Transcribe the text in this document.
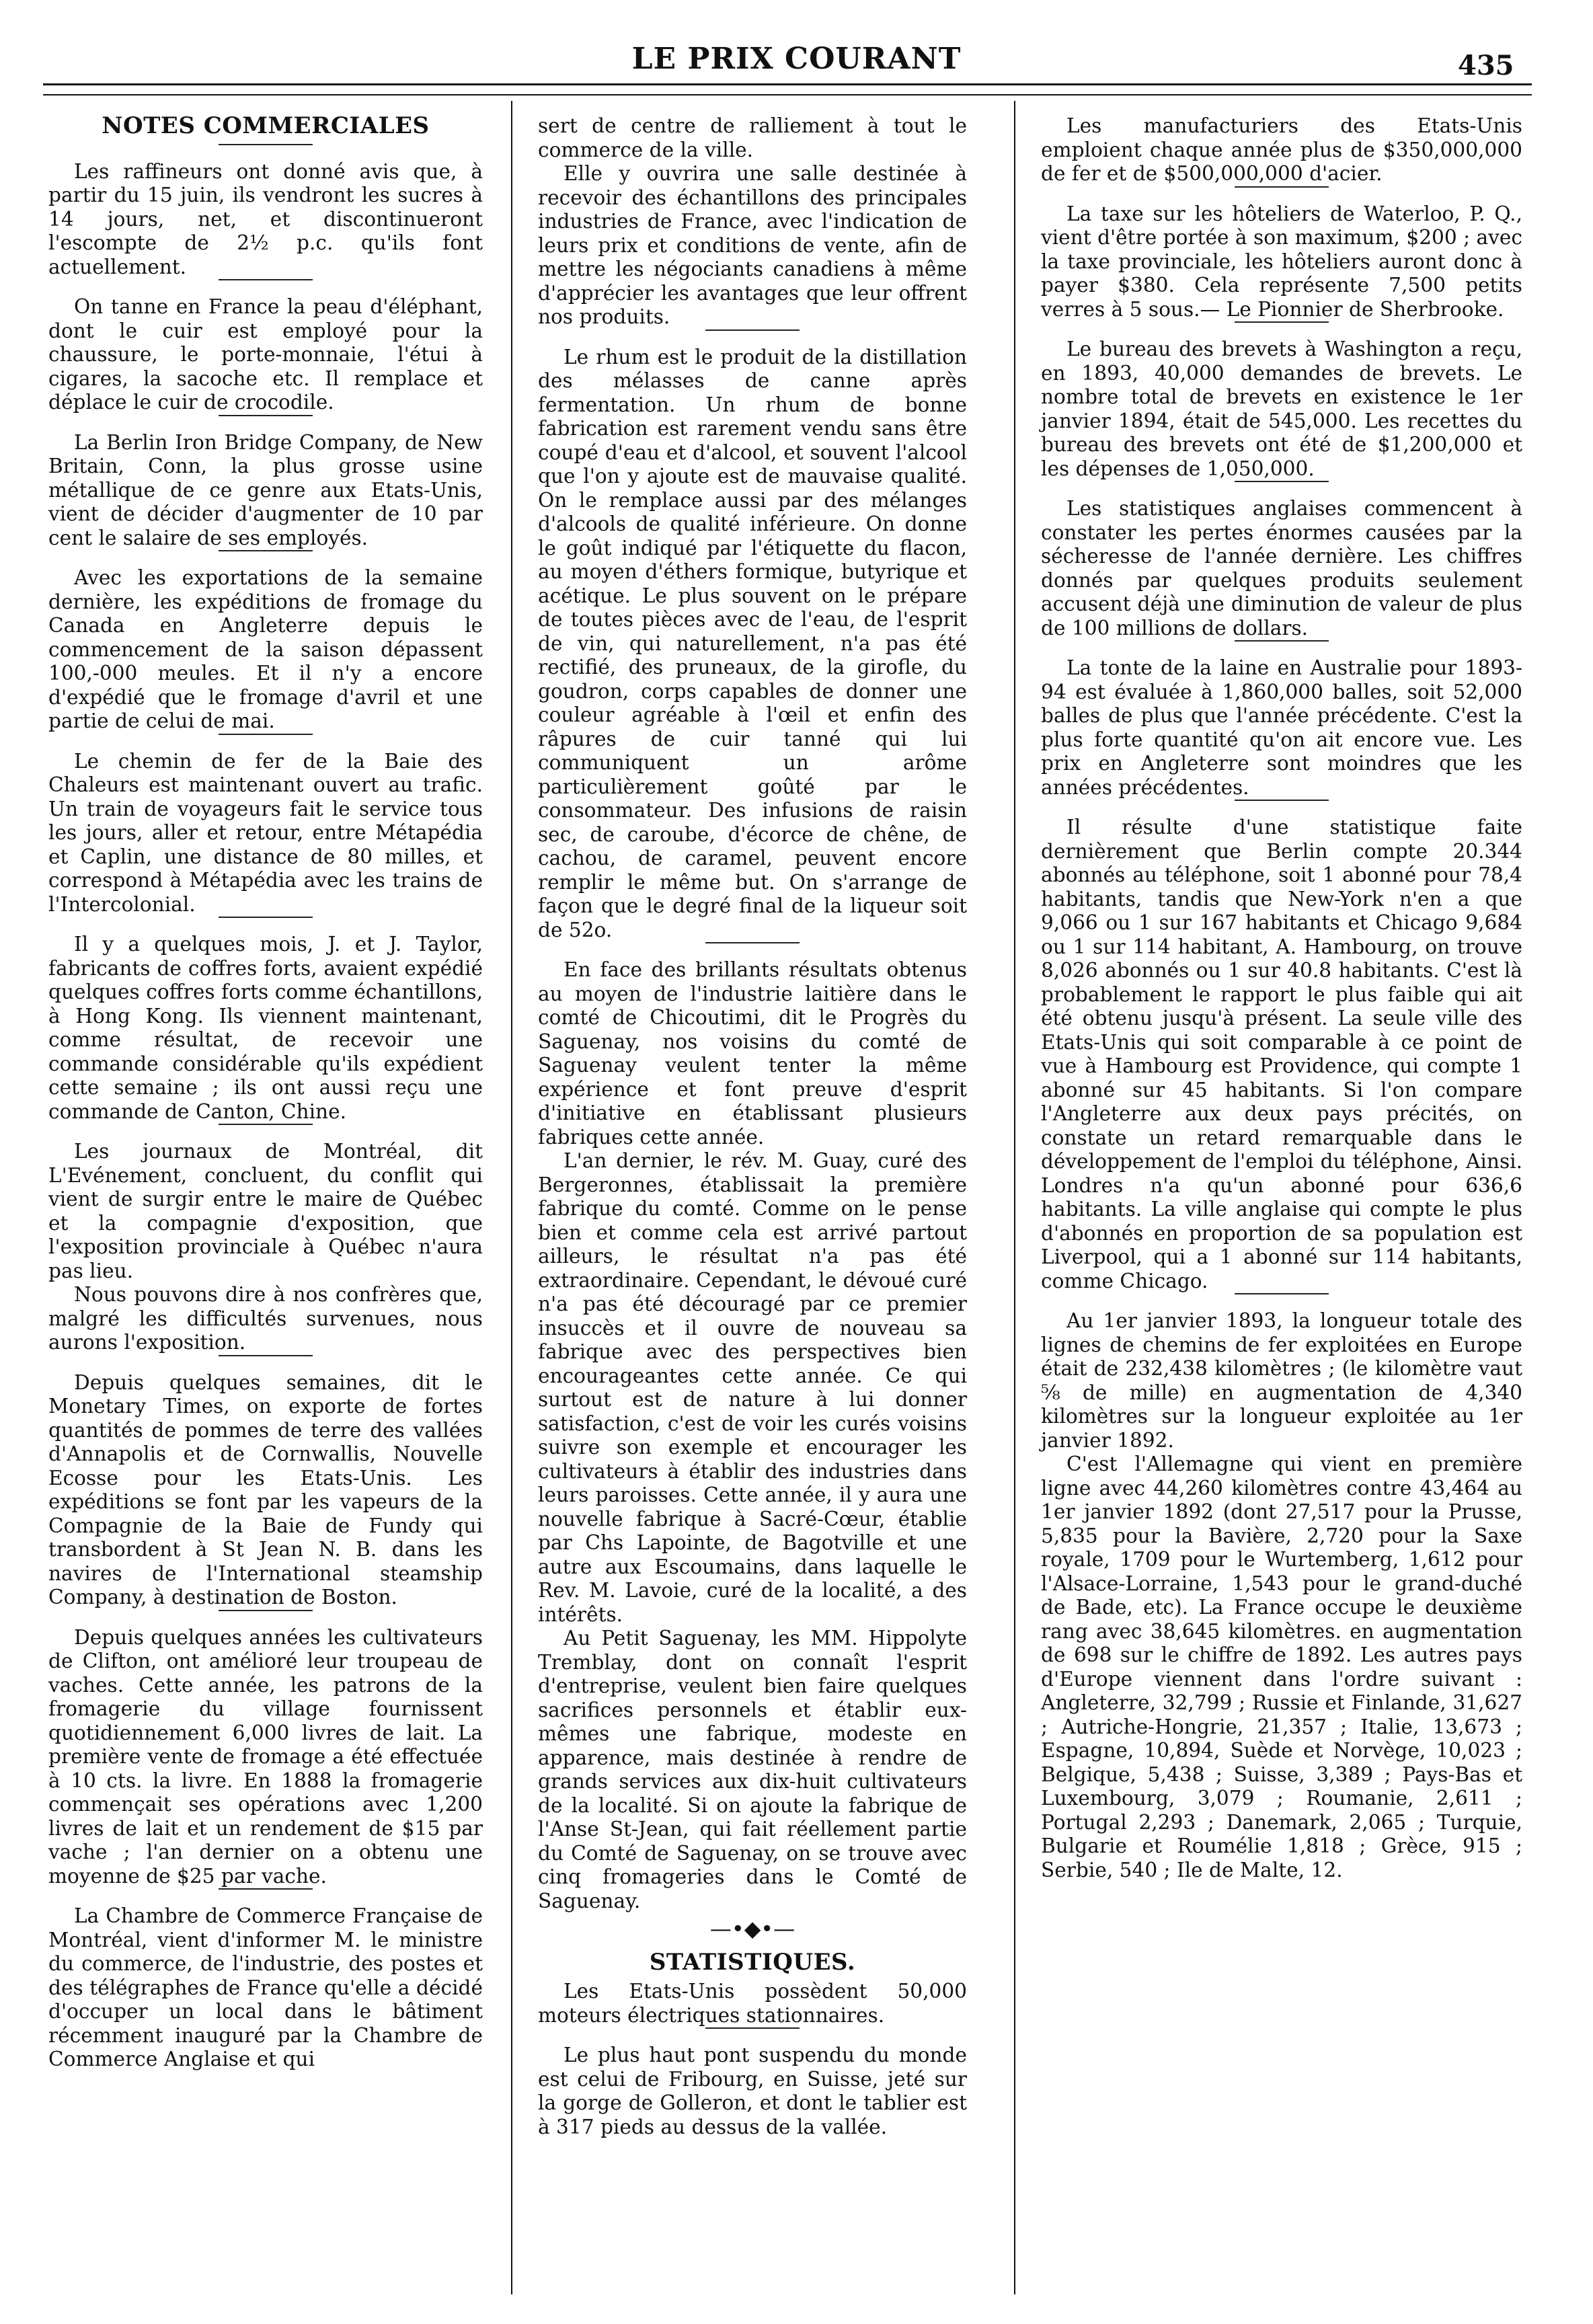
LE PRIX COURANT	435
NOTES COMMERCIALES

Les raffineurs ont donné avis que, à partir du 15 juin, ils vendront les sucres à 14 jours, net, et discontinueront l'escompte de 2½ p.c. qu'ils font actuellement.

On tanne en France la peau d'éléphant, dont le cuir est employé pour la chaussure, le porte-monnaie, l'étui à cigares, la sacoche etc. Il remplace et déplace le cuir de crocodile.

La Berlin Iron Bridge Company, de New Britain, Conn, la plus grosse usine métallique de ce genre aux Etats-Unis, vient de décider d'augmenter de 10 par cent le salaire de ses employés.

Avec les exportations de la semaine dernière, les expéditions de fromage du Canada en Angleterre depuis le commencement de la saison dépassent 100,-000 meules. Et il n'y a encore d'expédié que le fromage d'avril et une partie de celui de mai.

Le chemin de fer de la Baie des Chaleurs est maintenant ouvert au trafic. Un train de voyageurs fait le service tous les jours, aller et retour, entre Métapédia et Caplin, une distance de 80 milles, et correspond à Métapédia avec les trains de l'Intercolonial.

Il y a quelques mois, J. et J. Taylor, fabricants de coffres forts, avaient expédié quelques coffres forts comme échantillons, à Hong Kong. Ils viennent maintenant, comme résultat, de recevoir une commande considérable qu'ils expédient cette semaine ; ils ont aussi reçu une commande de Canton, Chine.

Les journaux de Montréal, dit L'Evénement, concluent, du conflit qui vient de surgir entre le maire de Québec et la compagnie d'exposition, que l'exposition provinciale à Québec n'aura pas lieu.

Nous pouvons dire à nos confrères que, malgré les difficultés survenues, nous aurons l'exposition.

Depuis quelques semaines, dit le Monetary Times, on exporte de fortes quantités de pommes de terre des vallées d'Annapolis et de Cornwallis, Nouvelle Ecosse pour les Etats-Unis. Les expéditions se font par les vapeurs de la Compagnie de la Baie de Fundy qui transbordent à St Jean N. B. dans les navires de l'International steamship Company, à destination de Boston.

Depuis quelques années les cultivateurs de Clifton, ont amélioré leur troupeau de vaches. Cette année, les patrons de la fromagerie du village fournissent quotidiennement 6,000 livres de lait. La première vente de fromage a été effectuée à 10 cts. la livre. En 1888 la fromagerie commençait ses opérations avec 1,200 livres de lait et un rendement de $15 par vache ; l'an dernier on a obtenu une moyenne de $25 par vache.

La Chambre de Commerce Française de Montréal, vient d'informer M. le ministre du commerce, de l'industrie, des postes et des télégraphes de France qu'elle a décidé d'occuper un local dans le bâtiment récemment inauguré par la Chambre de Commerce Anglaise et qui

sert de centre de ralliement à tout le commerce de la ville.

Elle y ouvrira une salle destinée à recevoir des échantillons des principales industries de France, avec l'indication de leurs prix et conditions de vente, afin de mettre les négociants canadiens à même d'apprécier les avantages que leur offrent nos produits.

Le rhum est le produit de la distillation des mélasses de canne après fermentation. Un rhum de bonne fabrication est rarement vendu sans être coupé d'eau et d'alcool, et souvent l'alcool que l'on y ajoute est de mauvaise qualité. On le remplace aussi par des mélanges d'alcools de qualité inférieure. On donne le goût indiqué par l'étiquette du flacon, au moyen d'éthers formique, butyrique et acétique. Le plus souvent on le prépare de toutes pièces avec de l'eau, de l'esprit de vin, qui naturellement, n'a pas été rectifié, des pruneaux, de la girofle, du goudron, corps capables de donner une couleur agréable à l'œil et enfin des râpures de cuir tanné qui lui communiquent un arôme particulièrement goûté par le consommateur. Des infusions de raisin sec, de caroube, d'écorce de chêne, de cachou, de caramel, peuvent encore remplir le même but. On s'arrange de façon que le degré final de la liqueur soit de 52o.

En face des brillants résultats obtenus au moyen de l'industrie laitière dans le comté de Chicoutimi, dit le Progrès du Saguenay, nos voisins du comté de Saguenay veulent tenter la même expérience et font preuve d'esprit d'initiative en établissant plusieurs fabriques cette année.

L'an dernier, le rév. M. Guay, curé des Bergeronnes, établissait la première fabrique du comté. Comme on le pense bien et comme cela est arrivé partout ailleurs, le résultat n'a pas été extraordinaire. Cependant, le dévoué curé n'a pas été découragé par ce premier insuccès et il ouvre de nouveau sa fabrique avec des perspectives bien encourageantes cette année. Ce qui surtout est de nature à lui donner satisfaction, c'est de voir les curés voisins suivre son exemple et encourager les cultivateurs à établir des industries dans leurs paroisses. Cette année, il y aura une nouvelle fabrique à Sacré-Cœur, établie par Chs Lapointe, de Bagotville et une autre aux Escoumains, dans laquelle le Rev. M. Lavoie, curé de la localité, a des intérêts.

Au Petit Saguenay, les MM. Hippolyte Tremblay, dont on connaît l'esprit d'entreprise, veulent bien faire quelques sacrifices personnels et établir eux-mêmes une fabrique, modeste en apparence, mais destinée à rendre de grands services aux dix-huit cultivateurs de la localité. Si on ajoute la fabrique de l'Anse St-Jean, qui fait réellement partie du Comté de Saguenay, on se trouve avec cinq fromageries dans le Comté de Saguenay.

—•◆•—
STATISTIQUES.

Les Etats-Unis possèdent 50,000 moteurs électriques stationnaires.

Le plus haut pont suspendu du monde est celui de Fribourg, en Suisse, jeté sur la gorge de Golleron, et dont le tablier est à 317 pieds au dessus de la vallée.

Les manufacturiers des Etats-Unis emploient chaque année plus de $350,000,000 de fer et de $500,000,000 d'acier.

La taxe sur les hôteliers de Waterloo, P. Q., vient d'être portée à son maximum, $200 ; avec la taxe provinciale, les hôteliers auront donc à payer $380. Cela représente 7,500 petits verres à 5 sous.— Le Pionnier de Sherbrooke.

Le bureau des brevets à Washington a reçu, en 1893, 40,000 demandes de brevets. Le nombre total de brevets en existence le 1er janvier 1894, était de 545,000. Les recettes du bureau des brevets ont été de $1,200,000 et les dépenses de 1,050,000.

Les statistiques anglaises commencent à constater les pertes énormes causées par la sécheresse de l'année dernière. Les chiffres donnés par quelques produits seulement accusent déjà une diminution de valeur de plus de 100 millions de dollars.

La tonte de la laine en Australie pour 1893-94 est évaluée à 1,860,000 balles, soit 52,000 balles de plus que l'année précédente. C'est la plus forte quantité qu'on ait encore vue. Les prix en Angleterre sont moindres que les années précédentes.

Il résulte d'une statistique faite dernièrement que Berlin compte 20.344 abonnés au téléphone, soit 1 abonné pour 78,4 habitants, tandis que New-York n'en a que 9,066 ou 1 sur 167 habitants et Chicago 9,684 ou 1 sur 114 habitant, A. Hambourg, on trouve 8,026 abonnés ou 1 sur 40.8 habitants. C'est là probablement le rapport le plus faible qui ait été obtenu jusqu'à présent. La seule ville des Etats-Unis qui soit comparable à ce point de vue à Hambourg est Providence, qui compte 1 abonné sur 45 habitants. Si l'on compare l'Angleterre aux deux pays précités, on constate un retard remarquable dans le développement de l'emploi du téléphone, Ainsi. Londres n'a qu'un abonné pour 636,6 habitants. La ville anglaise qui compte le plus d'abonnés en proportion de sa population est Liverpool, qui a 1 abonné sur 114 habitants, comme Chicago.

Au 1er janvier 1893, la longueur totale des lignes de chemins de fer exploitées en Europe était de 232,438 kilomètres ; (le kilomètre vaut ⅝ de mille) en augmentation de 4,340 kilomètres sur la longueur exploitée au 1er janvier 1892.

C'est l'Allemagne qui vient en première ligne avec 44,260 kilomètres contre 43,464 au 1er janvier 1892 (dont 27,517 pour la Prusse, 5,835 pour la Bavière, 2,720 pour la Saxe royale, 1709 pour le Wurtemberg, 1,612 pour l'Alsace-Lorraine, 1,543 pour le grand-duché de Bade, etc). La France occupe le deuxième rang avec 38,645 kilomètres. en augmentation de 698 sur le chiffre de 1892. Les autres pays d'Europe viennent dans l'ordre suivant : Angleterre, 32,799 ; Russie et Finlande, 31,627 ; Autriche-Hongrie, 21,357 ; Italie, 13,673 ; Espagne, 10,894, Suède et Norvège, 10,023 ; Belgique, 5,438 ; Suisse, 3,389 ; Pays-Bas et Luxembourg, 3,079 ; Roumanie, 2,611 ; Portugal 2,293 ; Danemark, 2,065 ; Turquie, Bulgarie et Roumélie 1,818 ; Grèce, 915 ; Serbie, 540 ; Ile de Malte, 12.
